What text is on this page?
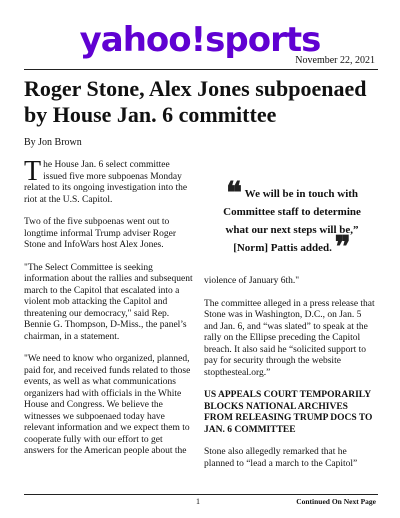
yahoo!sports
November 22, 2021
Roger Stone, Alex Jones subpoenaed by House Jan. 6 committee
By Jon Brown

The House Jan. 6 select committee issued five more subpoenas Monday related to its ongoing investigation into the riot at the U.S. Capitol.

Two of the five subpoenas went out to longtime informal Trump adviser Roger Stone and InfoWars host Alex Jones.

"The Select Committee is seeking information about the rallies and subsequent march to the Capitol that escalated into a violent mob attacking the Capitol and threatening our democracy," said Rep. Bennie G. Thompson, D-Miss., the panel’s chairman, in a statement.

"We need to know who organized, planned, paid for, and received funds related to those events, as well as what communications organizers had with officials in the White House and Congress. We believe the witnesses we subpoenaed today have relevant information and we expect them to cooperate fully with our effort to get answers for the American people about the

❝ We will be in touch with Committee staff to determine what our next steps will be,” [Norm] Pattis added. ❞

violence of January 6th."

The committee alleged in a press release that Stone was in Washington, D.C., on Jan. 5 and Jan. 6, and “was slated” to speak at the rally on the Ellipse preceding the Capitol breach. It also said he “solicited support to pay for security through the website stopthesteal.org.”

US APPEALS COURT TEMPORARILY BLOCKS NATIONAL ARCHIVES FROM RELEASING TRUMP DOCS TO JAN. 6 COMMITTEE

Stone also allegedly remarked that he planned to “lead a march to the Capitol”

1	Continued On Next Page
